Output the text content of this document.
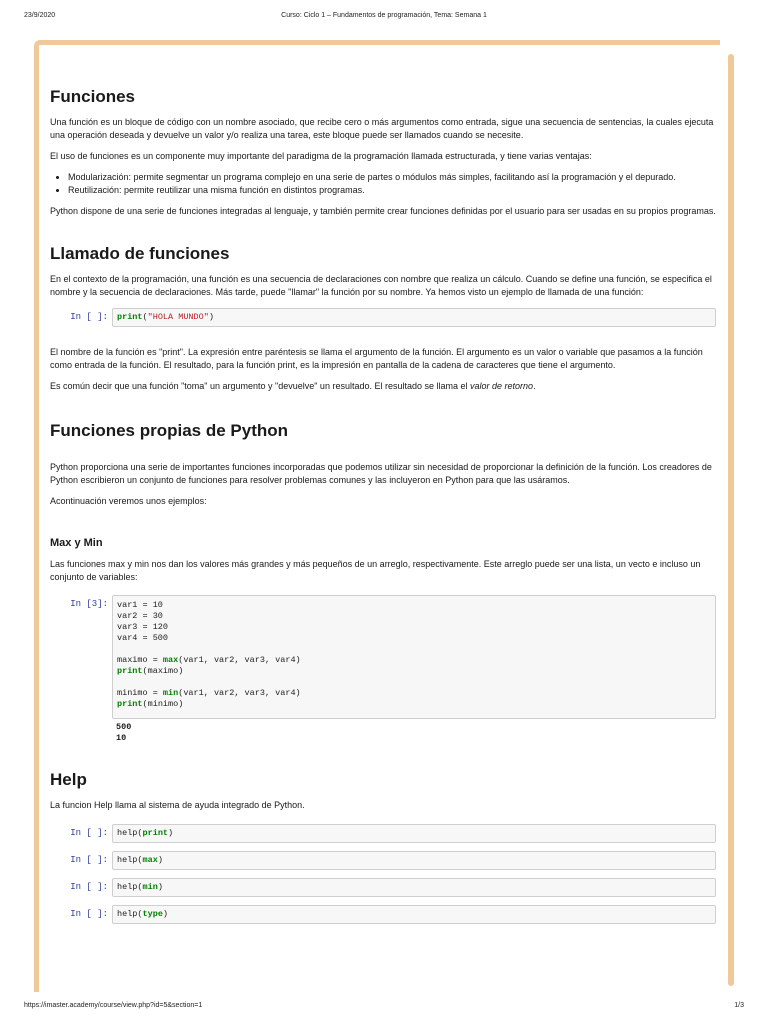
23/9/2020	Curso: Ciclo 1 – Fundamentos de programación, Tema: Semana 1
Funciones

Una función es un bloque de código con un nombre asociado, que recibe cero o más argumentos como entrada, sigue una secuencia de sentencias, la cuales ejecuta una operación deseada y devuelve un valor y/o realiza una tarea, este bloque puede ser llamados cuando se necesite.

El uso de funciones es un componente muy importante del paradigma de la programación llamada estructurada, y tiene varias ventajas:

• Modularización: permite segmentar un programa complejo en una serie de partes o módulos más simples, facilitando así la programación y el depurado.
• Reutilización: permite reutilizar una misma función en distintos programas.

Python dispone de una serie de funciones integradas al lenguaje, y también permite crear funciones definidas por el usuario para ser usadas en su propios programas.

Llamado de funciones

En el contexto de la programación, una función es una secuencia de declaraciones con nombre que realiza un cálculo. Cuando se define una función, se especifica el nombre y la secuencia de declaraciones. Más tarde, puede "llamar" la función por su nombre. Ya hemos visto un ejemplo de llamada de una función:

In [ ]:	print("HOLA MUNDO")

El nombre de la función es "print". La expresión entre paréntesis se llama el argumento de la función. El argumento es un valor o variable que pasamos a la función como entrada de la función. El resultado, para la función print, es la impresión en pantalla de la cadena de caracteres que tiene el argumento.

Es común decir que una función "toma" un argumento y "devuelve" un resultado. El resultado se llama el valor de retorno.

Funciones propias de Python

Python proporciona una serie de importantes funciones incorporadas que podemos utilizar sin necesidad de proporcionar la definición de la función. Los creadores de Python escribieron un conjunto de funciones para resolver problemas comunes y las incluyeron en Python para que las usáramos.

Acontinuación veremos unos ejemplos:

Max y Min

Las funciones max y min nos dan los valores más grandes y más pequeños de un arreglo, respectivamente. Este arreglo puede ser una lista, un vecto e incluso un conjunto de variables:

In [3]:	var1 = 10
var2 = 30
var3 = 120
var4 = 500
maximo = max(var1, var2, var3, var4)
print(maximo)
minimo = min(var1, var2, var3, var4)
print(minimo)
500
10
Help

La funcion Help llama al sistema de ayuda integrado de Python.

In [ ]:	help(print)
In [ ]:	help(max)
In [ ]:	help(min)
In [ ]:	help(type)
https://imaster.academy/course/view.php?id=5&section=1	1/3
